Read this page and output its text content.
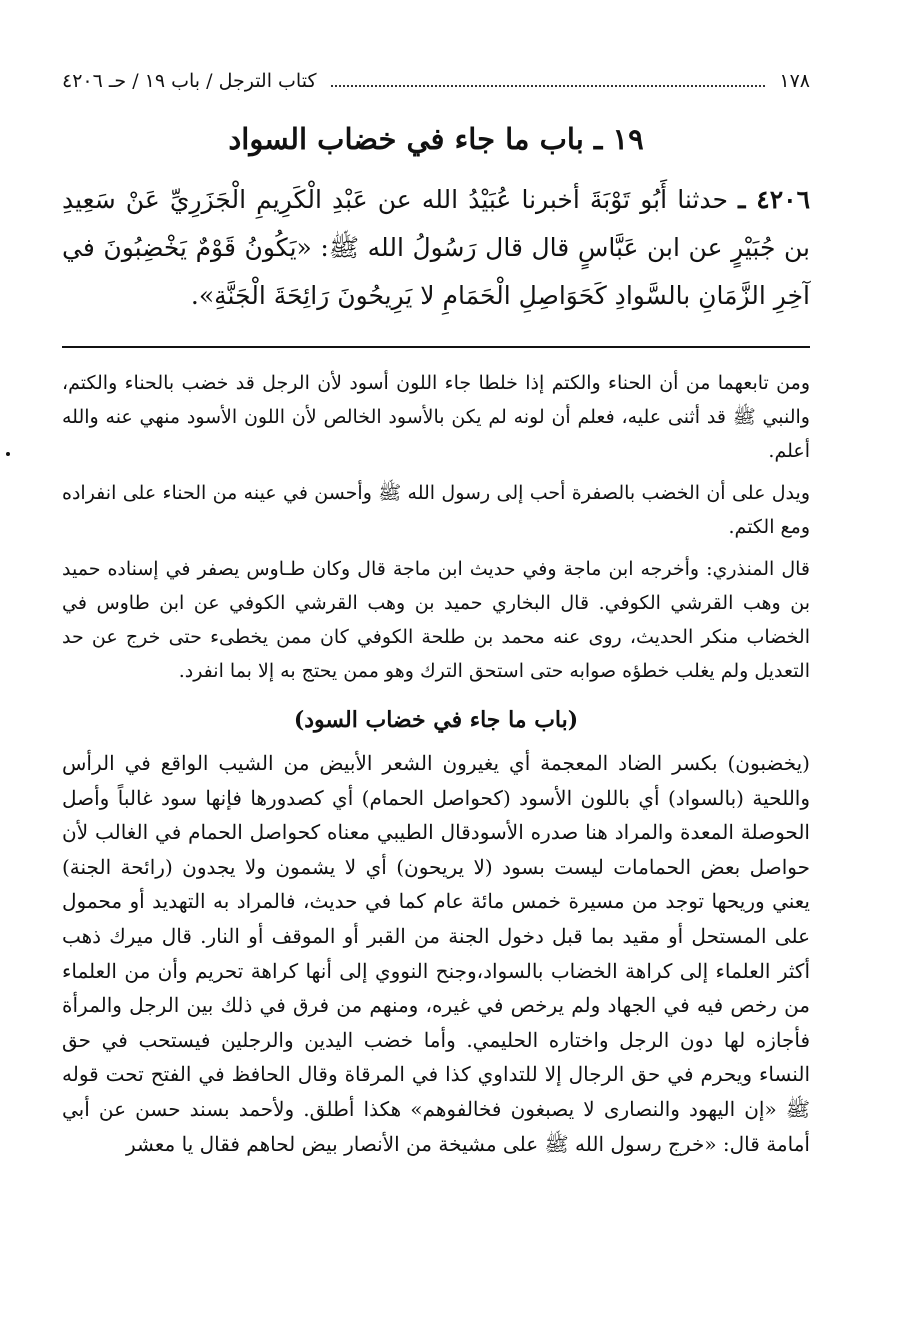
١٧٨
كتاب الترجل / باب ١٩ / حـ ٤٢٠٦
١٩ ـ باب ما جاء في خضاب السواد
٤٢٠٦ ـ حدثنا أَبُو تَوْبَةَ أخبرنا عُبَيْدُ الله عن عَبْدِ الْكَرِيمِ الْجَزَرِيِّ عَنْ سَعِيدِ بن جُبَيْرٍ عن ابن عَبَّاسٍ قال قال رَسُولُ الله ﷺ: «يَكُونُ قَوْمٌ يَخْضِبُونَ في آخِرِ الزَّمَانِ بالسَّوادِ كَحَوَاصِلِ الْحَمَامِ لا يَرِيحُونَ رَائِحَةَ الْجَنَّةِ».

ومن تابعهما من أن الحناء والكتم إذا خلطا جاء اللون أسود لأن الرجل قد خضب بالحناء والكتم، والنبي ﷺ قد أثنى عليه، فعلم أن لونه لم يكن بالأسود الخالص لأن اللون الأسود منهي عنه والله أعلم.

ويدل على أن الخضب بالصفرة أحب إلى رسول الله ﷺ وأحسن في عينه من الحناء على انفراده ومع الكتم.

قال المنذري: وأخرجه ابن ماجة وفي حديث ابن ماجة قال وكان طـاوس يصفر في إسناده حميد بن وهب القرشي الكوفي. قال البخاري حميد بن وهب القرشي الكوفي عن ابن طاوس في الخضاب منكر الحديث، روى عنه محمد بن طلحة الكوفي كان ممن يخطىء حتى خرج عن حد التعديل ولم يغلب خطؤه صوابه حتى استحق الترك وهو ممن يحتج به إلا بما انفرد.

(باب ما جاء في خضاب السود)

(يخضبون) بكسر الضاد المعجمة أي يغيرون الشعر الأبيض من الشيب الواقع في الرأس واللحية (بالسواد) أي باللون الأسود (كحواصل الحمام) أي كصدورها فإنها سود غالباً وأصل الحوصلة المعدة والمراد هنا صدره الأسودقال الطيبي معناه كحواصل الحمام في الغالب لأن حواصل بعض الحمامات ليست بسود (لا يريحون) أي لا يشمون ولا يجدون (رائحة الجنة) يعني وريحها توجد من مسيرة خمس مائة عام كما في حديث، فالمراد به التهديد أو محمول على المستحل أو مقيد بما قبل دخول الجنة من القبر أو الموقف أو النار. قال ميرك ذهب أكثر العلماء إلى كراهة الخضاب بالسواد،وجنح النووي إلى أنها كراهة تحريم وأن من العلماء من رخص فيه في الجهاد ولم يرخص في غيره، ومنهم من فرق في ذلك بين الرجل والمرأة فأجازه لها دون الرجل واختاره الحليمي. وأما خضب اليدين والرجلين فيستحب في حق النساء ويحرم في حق الرجال إلا للتداوي كذا في المرقاة وقال الحافظ في الفتح تحت قوله ﷺ «إن اليهود والنصارى لا يصبغون فخالفوهم» هكذا أطلق. ولأحمد بسند حسن عن أبي أمامة قال: «خرج رسول الله ﷺ على مشيخة من الأنصار بيض لحاهم فقال يا معشر
